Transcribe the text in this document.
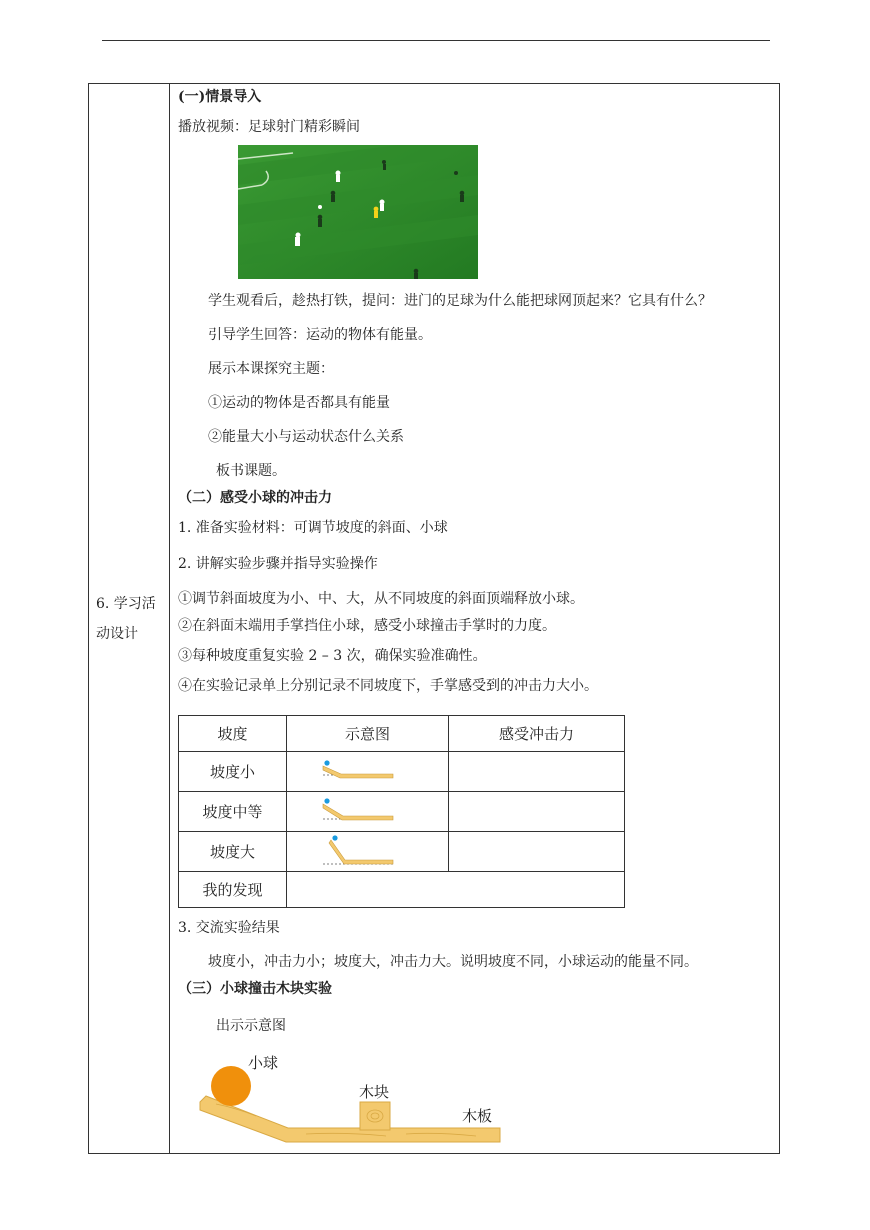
6. 学习活动设计
(一)情景导入
播放视频：足球射门精彩瞬间
学生观看后，趁热打铁，提问：进门的足球为什么能把球网顶起来？它具有什么？
引导学生回答：运动的物体有能量。
展示本课探究主题：
①运动的物体是否都具有能量
②能量大小与运动状态什么关系
板书课题。
（二）感受小球的冲击力
1. 准备实验材料：可调节坡度的斜面、小球
2. 讲解实验步骤并指导实验操作
①调节斜面坡度为小、中、大，从不同坡度的斜面顶端释放小球。
②在斜面末端用手掌挡住小球，感受小球撞击手掌时的力度。
③每种坡度重复实验 2 – 3 次，确保实验准确性。
④在实验记录单上分别记录不同坡度下，手掌感受到的冲击力大小。
坡度	示意图	感受冲击力
坡度小		
坡度中等		
坡度大		
我的发现		
3. 交流实验结果
坡度小，冲击力小；坡度大，冲击力大。说明坡度不同，小球运动的能量不同。
（三）小球撞击木块实验
出示示意图
小球
木块
木板
